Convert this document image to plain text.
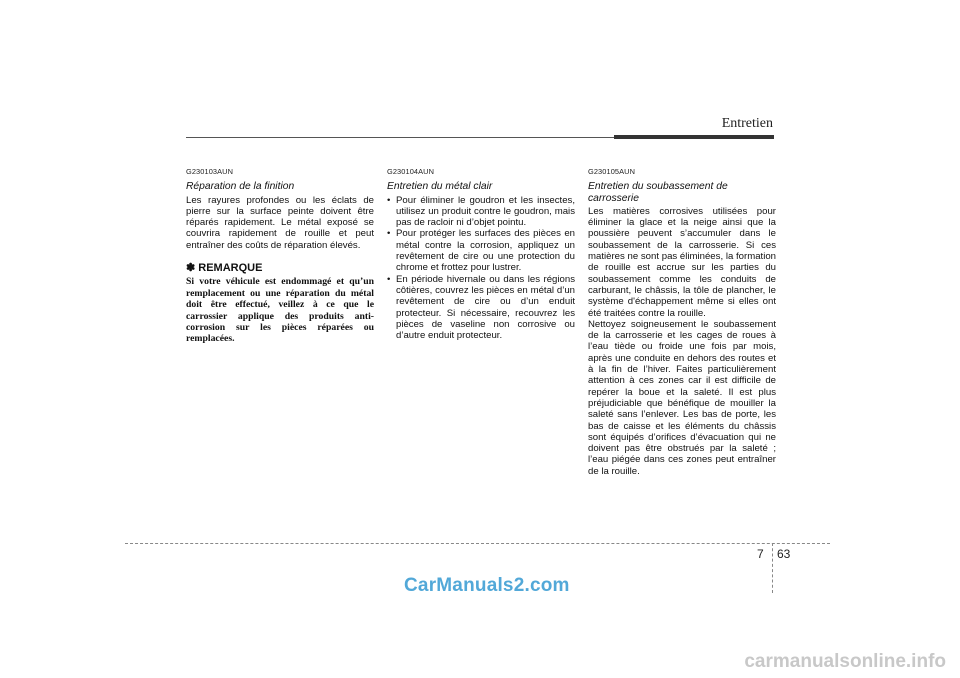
Entretien

G230103AUN

Réparation de la finition

Les rayures profondes ou les éclats de pierre sur la surface peinte doivent être réparés rapidement. Le métal exposé se couvrira rapidement de rouille et peut entraîner des coûts de réparation élevés.

✽ REMARQUE

Si votre véhicule est endommagé et qu’un remplacement ou une réparation du métal doit être effectué, veillez à ce que le carrossier applique des produits anti-corrosion sur les pièces réparées ou remplacées.

G230104AUN

Entretien du métal clair

• Pour éliminer le goudron et les insectes, utilisez un produit contre le goudron, mais pas de racloir ni d’objet pointu.
• Pour protéger les surfaces des pièces en métal contre la corrosion, appliquez un revêtement de cire ou une protection du chrome et frottez pour lustrer.
• En période hivernale ou dans les régions côtières, couvrez les pièces en métal d’un revêtement de cire ou d’un enduit protecteur. Si nécessaire, recouvrez les pièces de vaseline non corrosive ou d’autre enduit protecteur.

G230105AUN

Entretien du soubassement de carrosserie

Les matières corrosives utilisées pour éliminer la glace et la neige ainsi que la poussière peuvent s’accumuler dans le soubassement de la carrosserie. Si ces matières ne sont pas éliminées, la formation de rouille est accrue sur les parties du soubassement comme les conduits de carburant, le châssis, la tôle de plancher, le système d'échappement même si elles ont été traitées contre la rouille.

Nettoyez soigneusement le soubassement de la carrosserie et les cages de roues à l’eau tiède ou froide une fois par mois, après une conduite en dehors des routes et à la fin de l’hiver. Faites particulièrement attention à ces zones car il est difficile de repérer la boue et la saleté. Il est plus préjudiciable que bénéfique de mouiller la saleté sans l’enlever. Les bas de porte, les bas de caisse et les éléments du châssis sont équipés d’orifices d’évacuation qui ne doivent pas être obstrués par la saleté ; l’eau piégée dans ces zones peut entraîner de la rouille.

7 63
CarManuals2.com
carmanualsonline.info
